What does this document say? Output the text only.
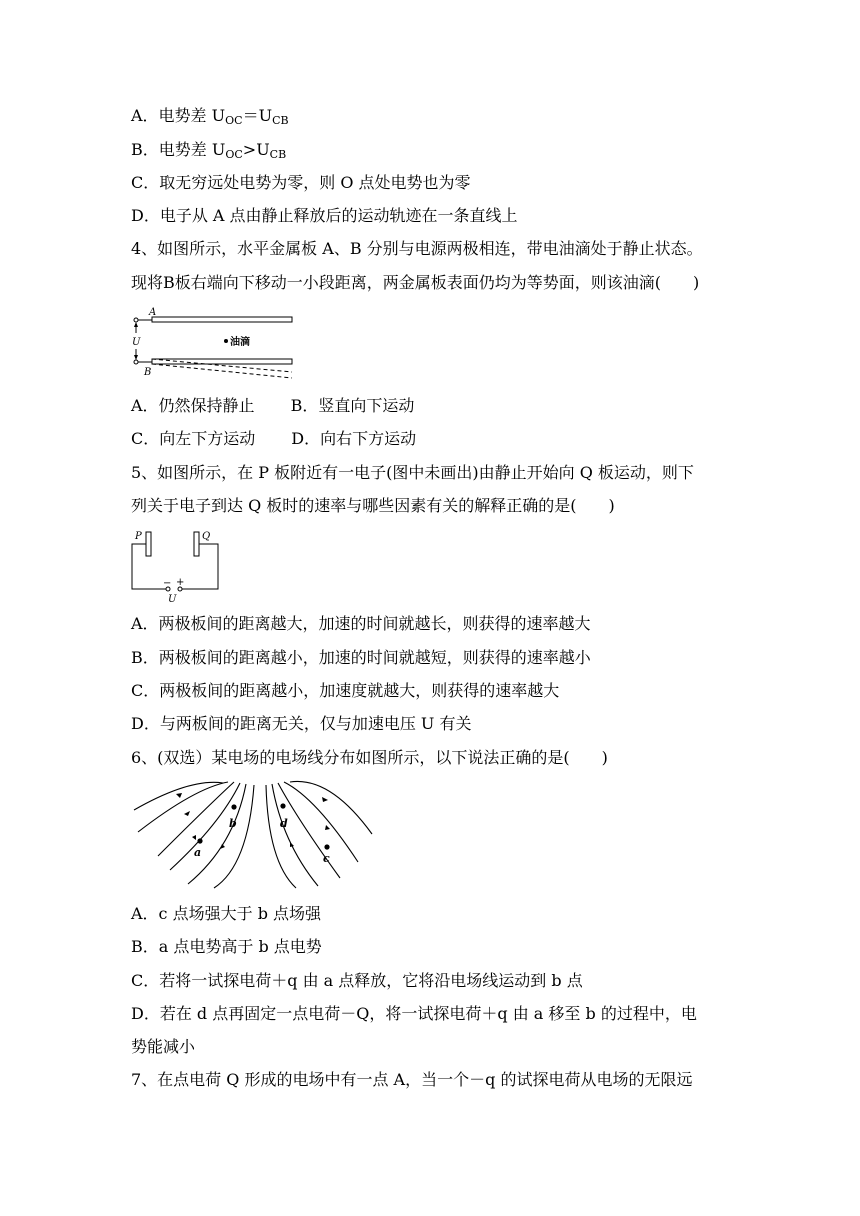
A．电势差 $U_{OC}=U_{CB}$
B．电势差 $U_{OC}>U_{CB}$
C．取无穷远处电势为零，则 O 点处电势也为零
D．电子从 A 点由静止释放后的运动轨迹在一条直线上
4、如图所示，水平金属板 A、B 分别与电源两极相连，带电油滴处于静止状态。
现将B板右端向下移动一小段距离，两金属板表面仍均为等势面，则该油滴(　　)
U
A
B
油滴
A．仍然保持静止 B．竖直向下运动
C．向左下方运动 D．向右下方运动
5、如图所示，在 P 板附近有一电子(图中未画出)由静止开始向 Q 板运动，则下
列关于电子到达 Q 板时的速率与哪些因素有关的解释正确的是(　　)
P	Q
− +
U
A．两极板间的距离越大，加速的时间就越长，则获得的速率越大
B．两极板间的距离越小，加速的时间就越短，则获得的速率越小
C．两极板间的距离越小，加速度就越大，则获得的速率越大
D．与两板间的距离无关，仅与加速电压 U 有关
6、(双选）某电场的电场线分布如图所示，以下说法正确的是(　　)
b
a
d
c
A．c 点场强大于 b 点场强
B．a 点电势高于 b 点电势
C．若将一试探电荷＋q 由 a 点释放，它将沿电场线运动到 b 点
D．若在 d 点再固定一点电荷－Q，将一试探电荷＋q 由 a 移至 b 的过程中，电
势能减小
7、在点电荷 Q 形成的电场中有一点 A，当一个－q 的试探电荷从电场的无限远
